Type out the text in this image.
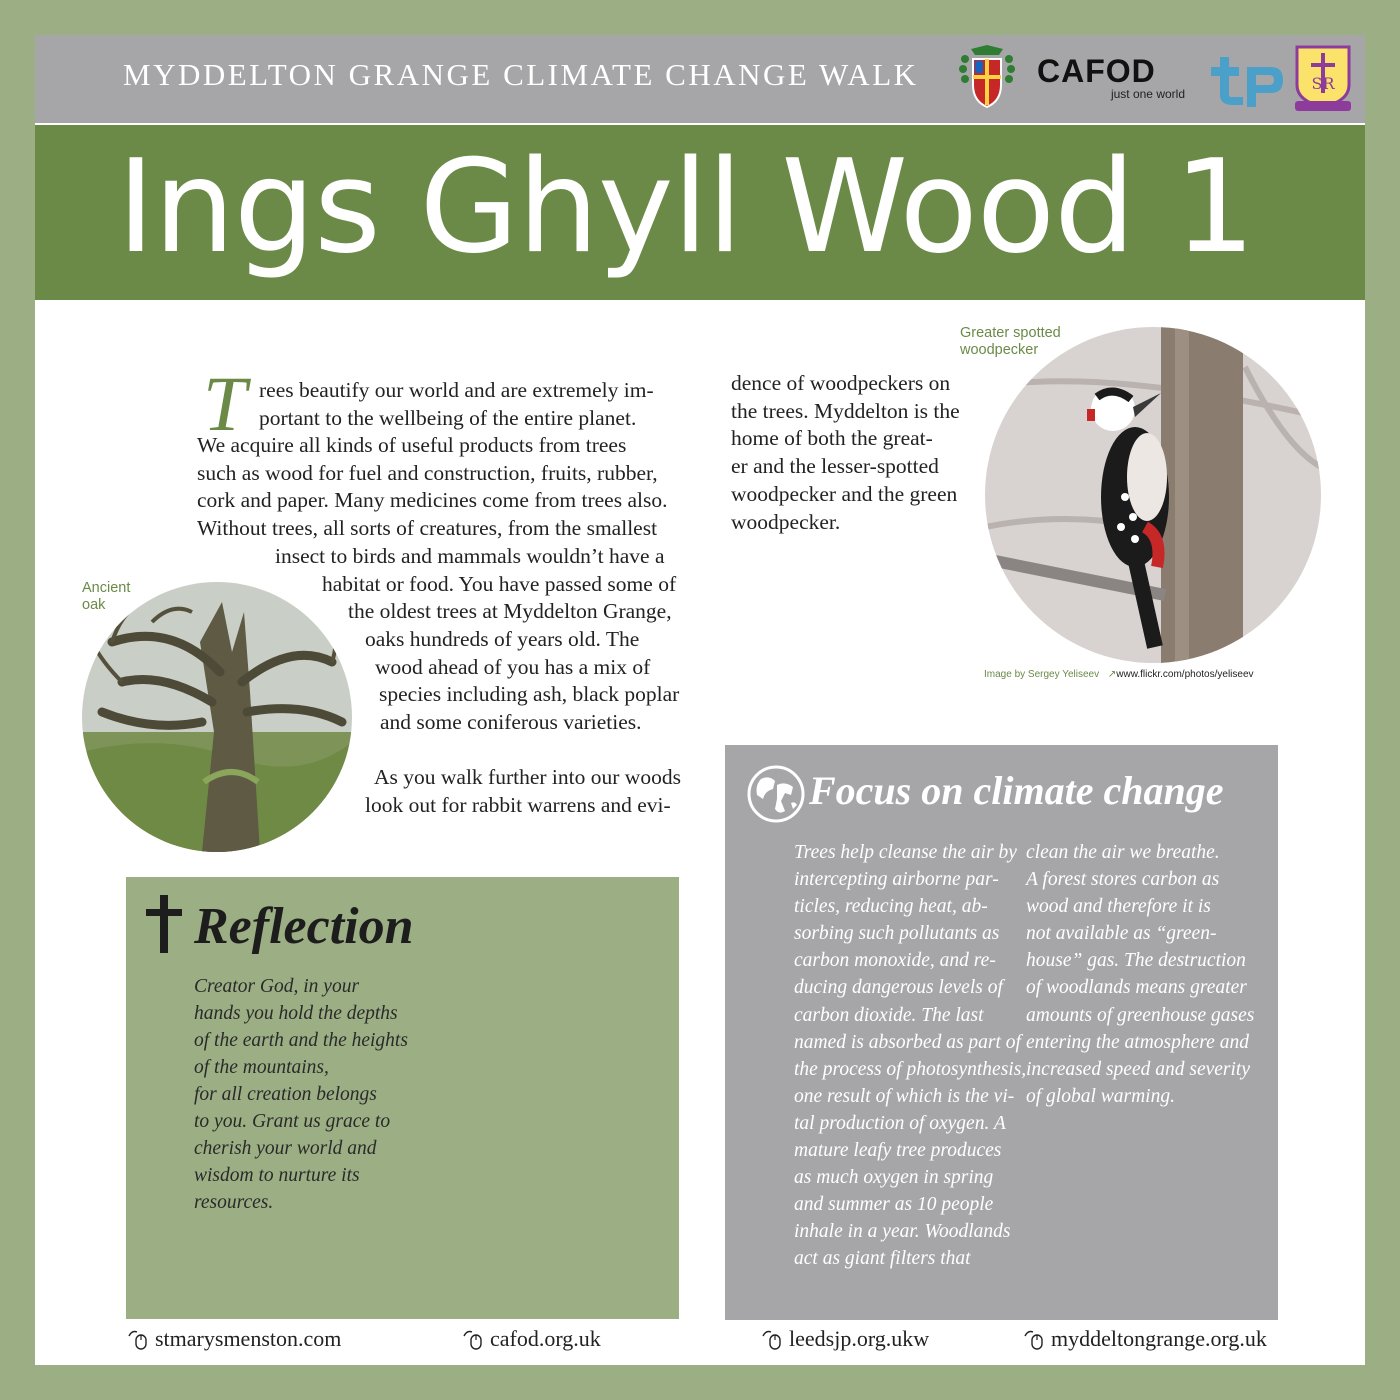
MYDDELTON GRANGE CLIMATE CHANGE WALK	CAFOD
just one world
SR
Ings Ghyll Wood 1
T rees beautify our world and are extremely im-
portant to the wellbeing of the entire planet.
We acquire all kinds of useful products from trees
such as wood for fuel and construction, fruits, rubber,
cork and paper. Many medicines come from trees also.
Without trees, all sorts of creatures, from the smallest
insect to birds and mammals wouldn’t have a
habitat or food. You have passed some of
the oldest trees at Myddelton Grange,
oaks hundreds of years old. The
wood ahead of you has a mix of
species including ash, black poplar
and some coniferous varieties.

As you walk further into our woods
look out for rabbit warrens and evi-
dence of woodpeckers on
the trees. Myddelton is the
home of both the great-
er and the lesser-spotted
woodpecker and the green
woodpecker.
Ancient
oak
Greater spotted
woodpecker
Image by Sergey Yeliseev ↗www.flickr.com/photos/yeliseev
Reflection
Creator God, in your
hands you hold the depths
of the earth and the heights
of the mountains,
for all creation belongs
to you. Grant us grace to
cherish your world and
wisdom to nurture its
resources.
Focus on climate change
Trees help cleanse the air by
intercepting airborne par-
ticles, reducing heat, ab-
sorbing such pollutants as
carbon monoxide, and re-
ducing dangerous levels of
carbon dioxide. The last
named is absorbed as part of
the process of photosynthesis,
one result of which is the vi-
tal production of oxygen. A
mature leafy tree produces
as much oxygen in spring
and summer as 10 people
inhale in a year. Woodlands
act as giant filters that
clean the air we breathe.
A forest stores carbon as
wood and therefore it is
not available as “green-
house” gas. The destruction
of woodlands means greater
amounts of greenhouse gases
entering the atmosphere and
increased speed and severity
of global warming.
stmarysmenston.com	cafod.org.uk	leedsjp.org.ukw	myddeltongrange.org.uk
